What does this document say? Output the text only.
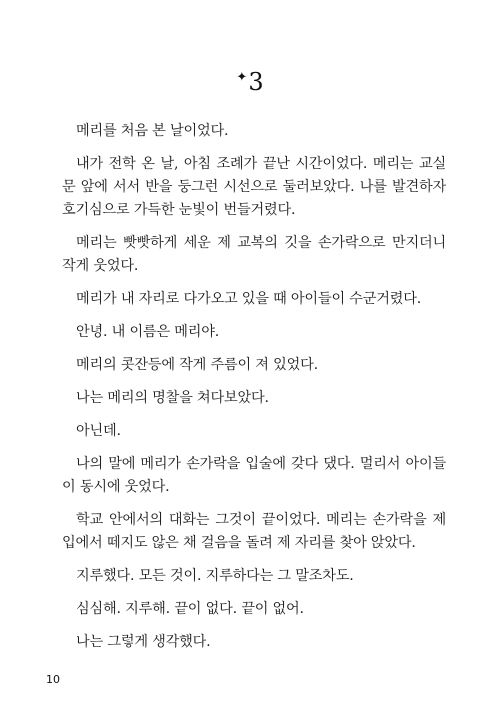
✦3
메리를 처음 본 날이었다.
내가 전학 온 날, 아침 조례가 끝난 시간이었다. 메리는 교실
문 앞에 서서 반을 둥그런 시선으로 둘러보았다. 나를 발견하자
호기심으로 가득한 눈빛이 번들거렸다.
메리는 빳빳하게 세운 제 교복의 깃을 손가락으로 만지더니
작게 웃었다.
메리가 내 자리로 다가오고 있을 때 아이들이 수군거렸다.
안녕. 내 이름은 메리야.
메리의 콧잔등에 작게 주름이 져 있었다.
나는 메리의 명찰을 쳐다보았다.
아닌데.
나의 말에 메리가 손가락을 입술에 갖다 댔다. 멀리서 아이들
이 동시에 웃었다.
학교 안에서의 대화는 그것이 끝이었다. 메리는 손가락을 제
입에서 떼지도 않은 채 걸음을 돌려 제 자리를 찾아 앉았다.
지루했다. 모든 것이. 지루하다는 그 말조차도.
심심해. 지루해. 끝이 없다. 끝이 없어.
나는 그렇게 생각했다.
10
